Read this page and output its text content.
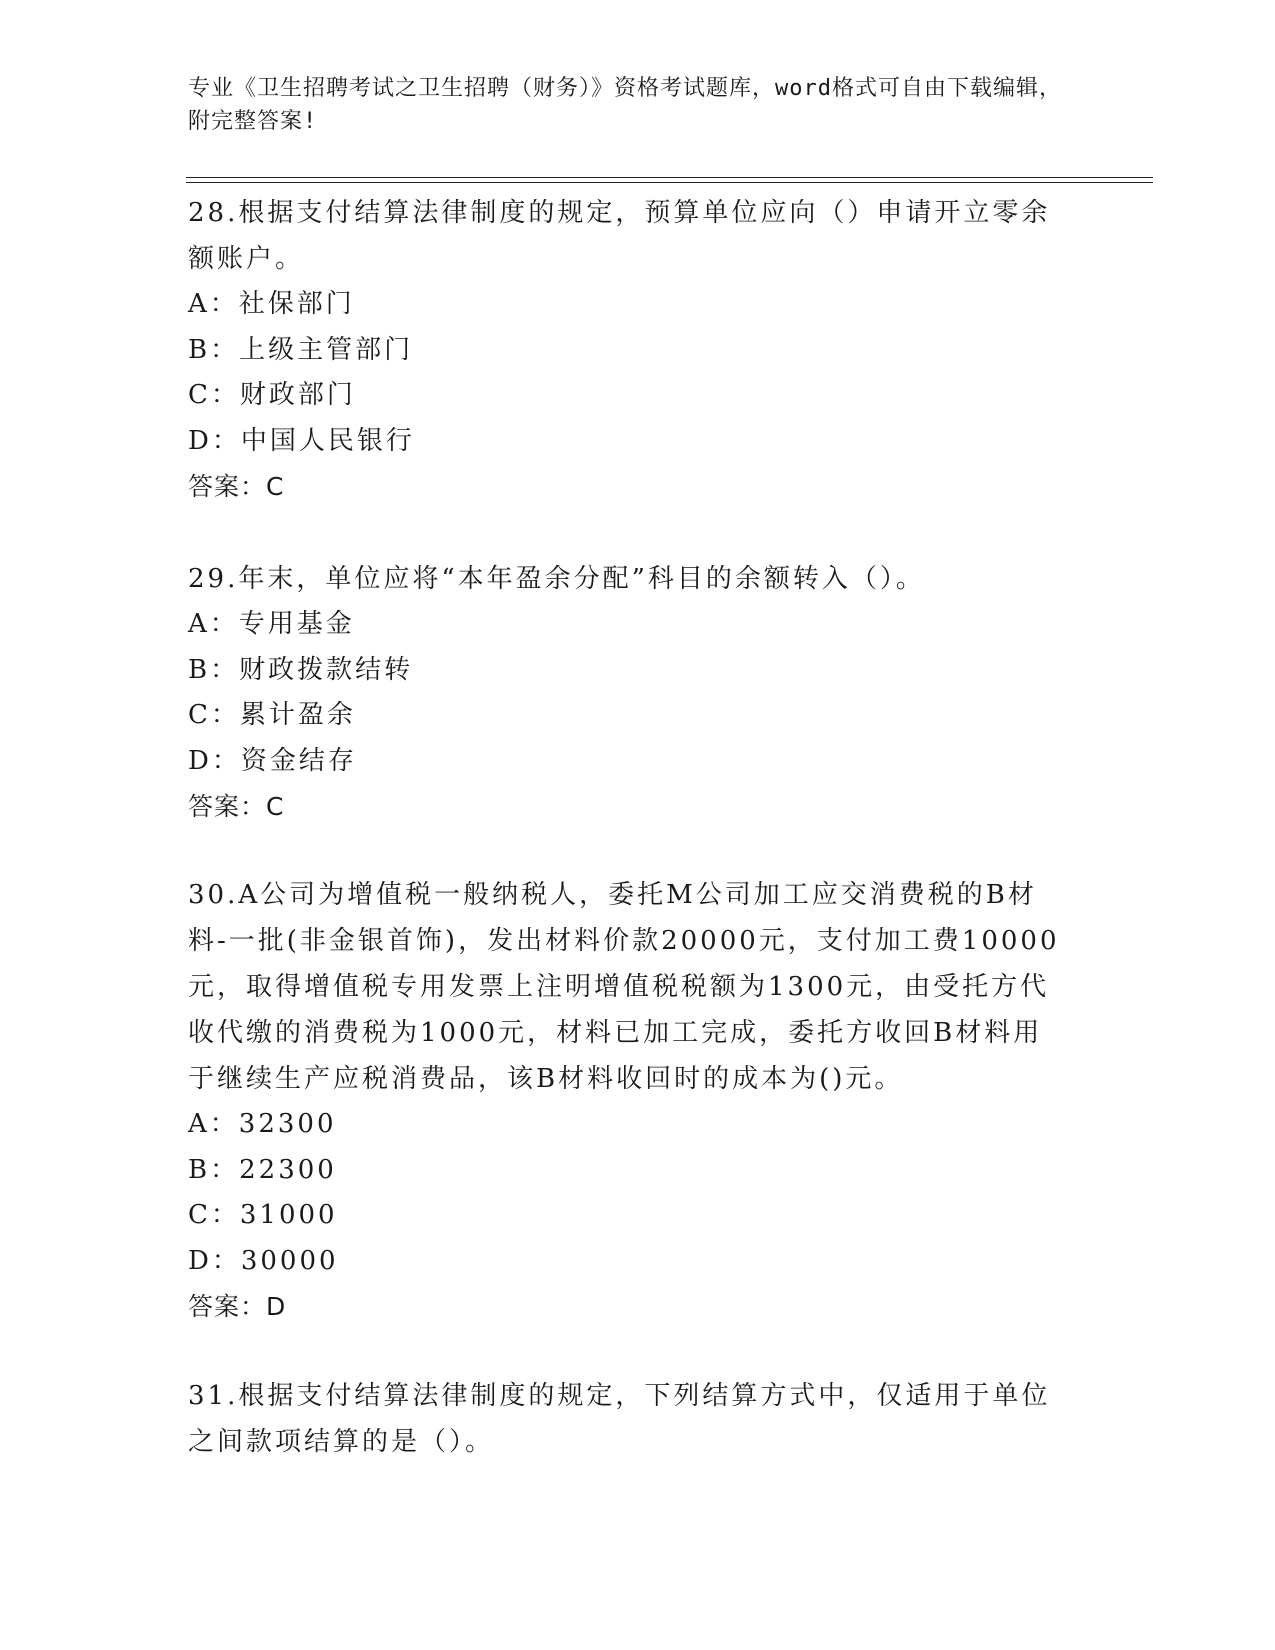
专业《卫生招聘考试之卫生招聘（财务）》资格考试题库，word格式可自由下载编辑，附完整答案!

28.根据支付结算法律制度的规定，预算单位应向（）申请开立零余额账户。

A：社保部门

B：上级主管部门

C：财政部门

D：中国人民银行

答案：C

29.年末，单位应将“本年盈余分配”科目的余额转入（）。

A：专用基金

B：财政拨款结转

C：累计盈余

D：资金结存

答案：C

30.A公司为增值税一般纳税人，委托M公司加工应交消费税的B材料-一批(非金银首饰)，发出材料价款20000元，支付加工费10000元，取得增值税专用发票上注明增值税税额为1300元，由受托方代收代缴的消费税为1000元，材料已加工完成，委托方收回B材料用于继续生产应税消费品，该B材料收回时的成本为()元。

A：32300

B：22300

C：31000

D：30000

答案：D

31.根据支付结算法律制度的规定，下列结算方式中，仅适用于单位之间款项结算的是（）。
